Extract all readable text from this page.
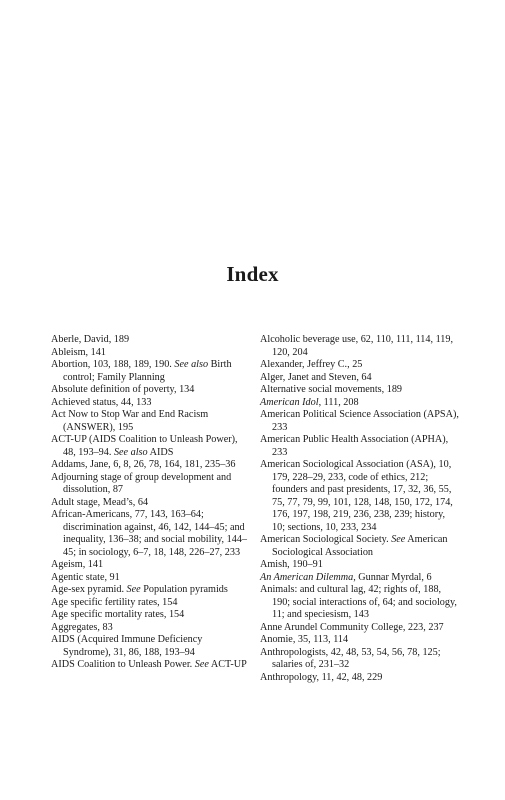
Index

Aberle, David, 189

Ableism, 141

Abortion, 103, 188, 189, 190. See also Birth control; Family Planning

Absolute definition of poverty, 134

Achieved status, 44, 133

Act Now to Stop War and End Racism (ANSWER), 195

ACT-UP (AIDS Coalition to Unleash Power), 48, 193–94. See also AIDS

Addams, Jane, 6, 8, 26, 78, 164, 181, 235–36

Adjourning stage of group development and dissolution, 87

Adult stage, Mead’s, 64

African-Americans, 77, 143, 163–64; discrimination against, 46, 142, 144–45; and inequality, 136–38; and social mobility, 144–45; in sociology, 6–7, 18, 148, 226–27, 233

Ageism, 141

Agentic state, 91

Age-sex pyramid. See Population pyramids

Age specific fertility rates, 154

Age specific mortality rates, 154

Aggregates, 83

AIDS (Acquired Immune Deficiency Syndrome), 31, 86, 188, 193–94

AIDS Coalition to Unleash Power. See ACT-UP

Alcoholic beverage use, 62, 110, 111, 114, 119, 120, 204

Alexander, Jeffrey C., 25

Alger, Janet and Steven, 64

Alternative social movements, 189

American Idol, 111, 208

American Political Science Association (APSA), 233

American Public Health Association (APHA), 233

American Sociological Association (ASA), 10, 179, 228–29, 233, code of ethics, 212; founders and past presidents, 17, 32, 36, 55, 75, 77, 79, 99, 101, 128, 148, 150, 172, 174, 176, 197, 198, 219, 236, 238, 239; history, 10; sections, 10, 233, 234

American Sociological Society. See American Sociological Association

Amish, 190–91

An American Dilemma, Gunnar Myrdal, 6

Animals: and cultural lag, 42; rights of, 188, 190; social interactions of, 64; and sociology, 11; and speciesism, 143

Anne Arundel Community College, 223, 237

Anomie, 35, 113, 114

Anthropologists, 42, 48, 53, 54, 56, 78, 125; salaries of, 231–32

Anthropology, 11, 42, 48, 229
